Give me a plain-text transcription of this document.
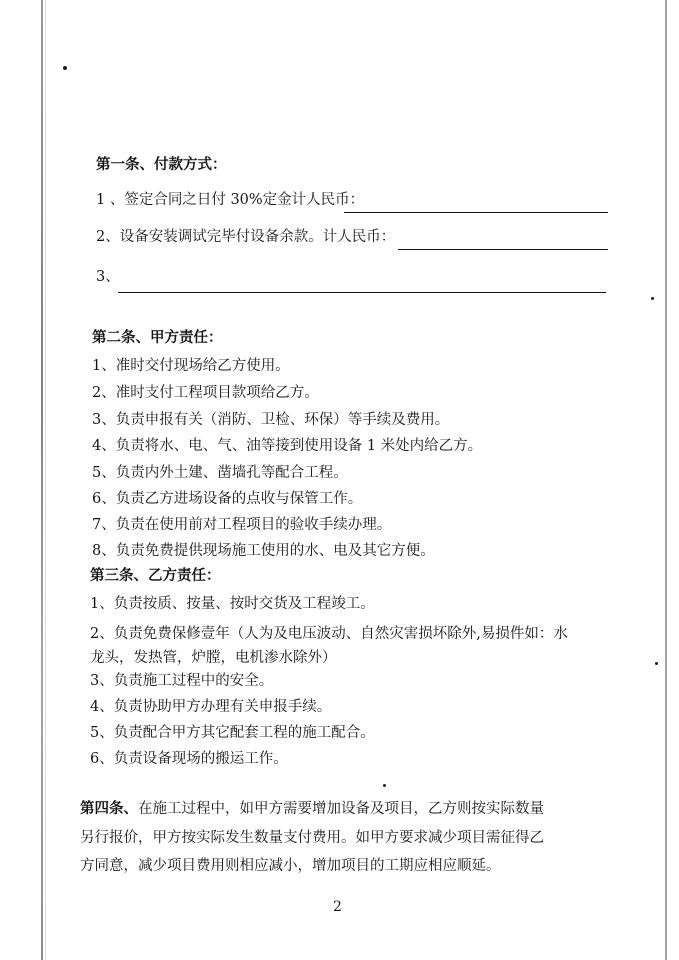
第一条、付款方式：
1 、签定合同之日付 30%定金计人民币：
2、设备安装调试完毕付设备余款。计人民币：
3、
第二条、甲方责任：
1、准时交付现场给乙方使用。
2、准时支付工程项目款项给乙方。
3、负责申报有关（消防、卫检、环保）等手续及费用。
4、负责将水、电、气、油等接到使用设备 1 米处内给乙方。
5、负责内外土建、凿墙孔等配合工程。
6、负责乙方进场设备的点收与保管工作。
7、负责在使用前对工程项目的验收手续办理。
8、负责免费提供现场施工使用的水、电及其它方便。
第三条、乙方责任：
1、负责按质、按量、按时交货及工程竣工。
2、负责免费保修壹年（人为及电压波动、自然灾害损坏除外,易损件如：水
龙头，发热管，炉膛，电机渗水除外）
3、负责施工过程中的安全。
4、负责协助甲方办理有关申报手续。
5、负责配合甲方其它配套工程的施工配合。
6、负责设备现场的搬运工作。
第四条、在施工过程中，如甲方需要增加设备及项目，乙方则按实际数量
另行报价，甲方按实际发生数量支付费用。如甲方要求减少项目需征得乙
方同意，减少项目费用则相应减小，增加项目的工期应相应顺延。
2
